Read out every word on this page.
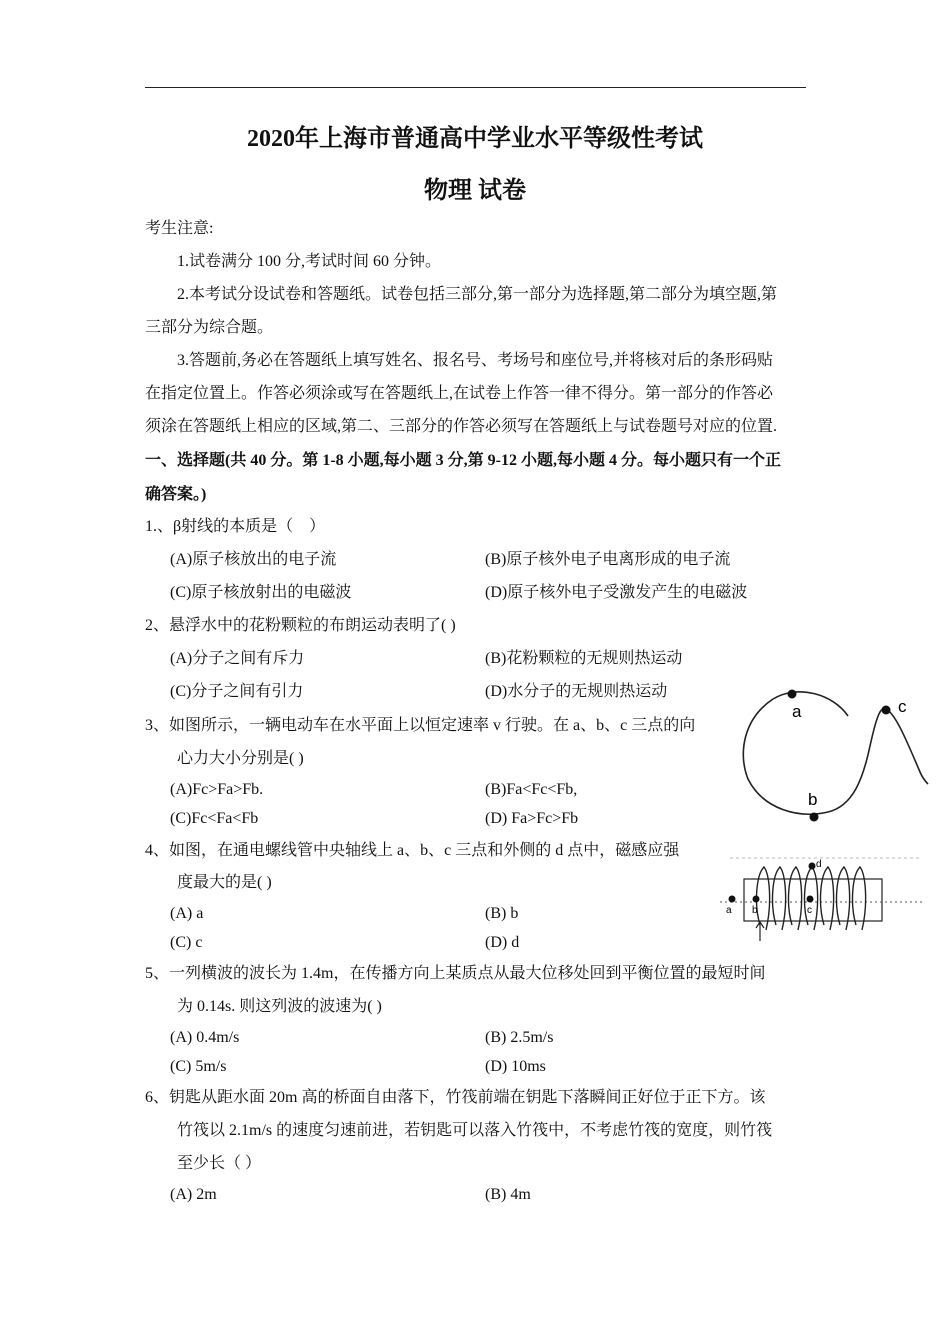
2020年上海市普通高中学业水平等级性考试
物理 试卷
考生注意:
1.试卷满分 100 分,考试时间 60 分钟。
2.本考试分设试卷和答题纸。试卷包括三部分,第一部分为选择题,第二部分为填空题,第
三部分为综合题。
3.答题前,务必在答题纸上填写姓名、报名号、考场号和座位号,并将核对后的条形码贴
在指定位置上。作答必须涂或写在答题纸上,在试卷上作答一律不得分。第一部分的作答必
须涂在答题纸上相应的区域,第二、三部分的作答必须写在答题纸上与试卷题号对应的位置.
一、选择题(共 40 分。第 1-8 小题,每小题 3 分,第 9-12 小题,每小题 4 分。每小题只有一个正
确答案。)
1.、β射线的本质是（　）
(A)原子核放出的电子流	(B)原子核外电子电离形成的电子流
(C)原子核放射出的电磁波	(D)原子核外电子受激发产生的电磁波
2、悬浮水中的花粉颗粒的布朗运动表明了( )
(A)分子之间有斥力	(B)花粉颗粒的无规则热运动
(C)分子之间有引力	(D)水分子的无规则热运动
3、如图所示，一辆电动车在水平面上以恒定速率 v 行驶。在 a、b、c 三点的向
心力大小分别是( )
(A)Fc>Fa>Fb.	(B)Fa<Fc<Fb,
(C)Fc<Fa<Fb	(D) Fa>Fc>Fb
4、如图，在通电螺线管中央轴线上 a、b、c 三点和外侧的 d 点中，磁感应强
度最大的是( )
(A) a	(B) b
(C) c	(D) d
5、一列横波的波长为 1.4m，在传播方向上某质点从最大位移处回到平衡位置的最短时间
为 0.14s. 则这列波的波速为( )
(A) 0.4m/s	(B) 2.5m/s
(C) 5m/s	(D) 10ms
6、钥匙从距水面 20m 高的桥面自由落下，竹筏前端在钥匙下落瞬间正好位于正下方。该
竹筏以 2.1m/s 的速度匀速前进，若钥匙可以落入竹筏中，不考虑竹筏的宽度，则竹筏
至少长（ ）
(A) 2m	(B) 4m
a
b
c
a b	c
d
